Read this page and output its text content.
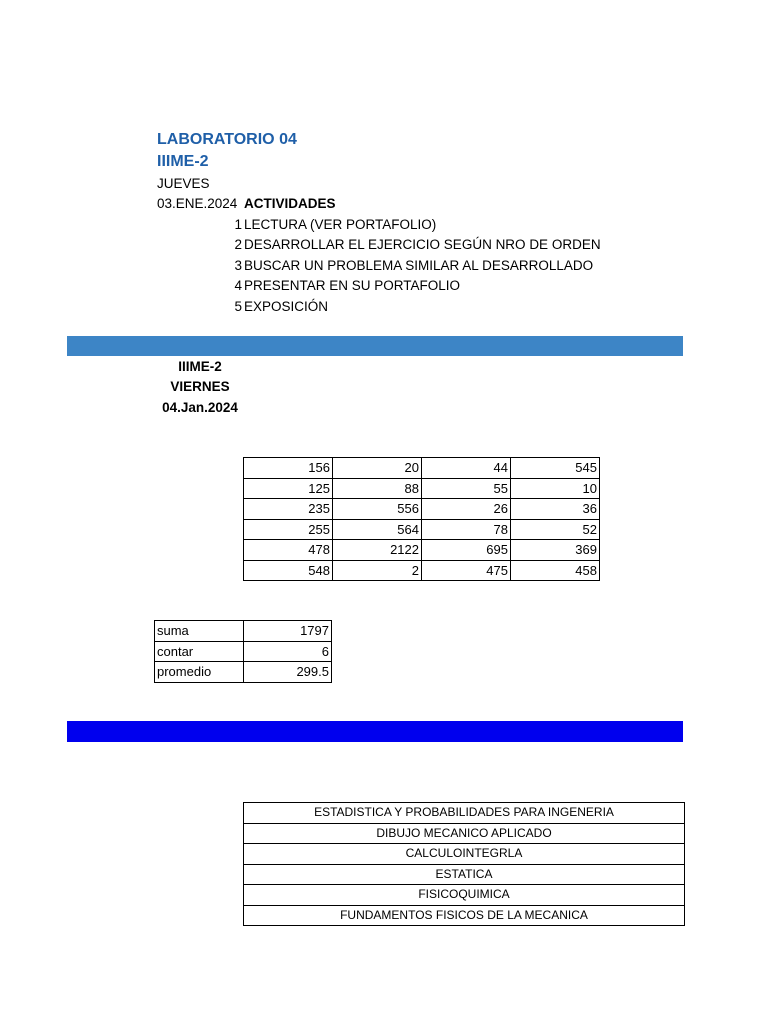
LABORATORIO 04
IIIME-2
JUEVES
03.ENE.2024 ACTIVIDADES
1 LECTURA (VER PORTAFOLIO)
2 DESARROLLAR EL EJERCICIO SEGÚN NRO DE ORDEN
3 BUSCAR UN PROBLEMA SIMILAR AL DESARROLLADO
4 PRESENTAR EN SU PORTAFOLIO
5 EXPOSICIÓN
IIIME-2
VIERNES
04.Jan.2024
156	20	44	545
125	88	55	10
235	556	26	36
255	564	78	52
478	2122	695	369
548	2	475	458
suma	1797
contar	6
promedio	299.5
ESTADISTICA Y PROBABILIDADES PARA INGENERIA
DIBUJO MECANICO APLICADO
CALCULOINTEGRLA
ESTATICA
FISICOQUIMICA
FUNDAMENTOS FISICOS DE LA MECANICA
